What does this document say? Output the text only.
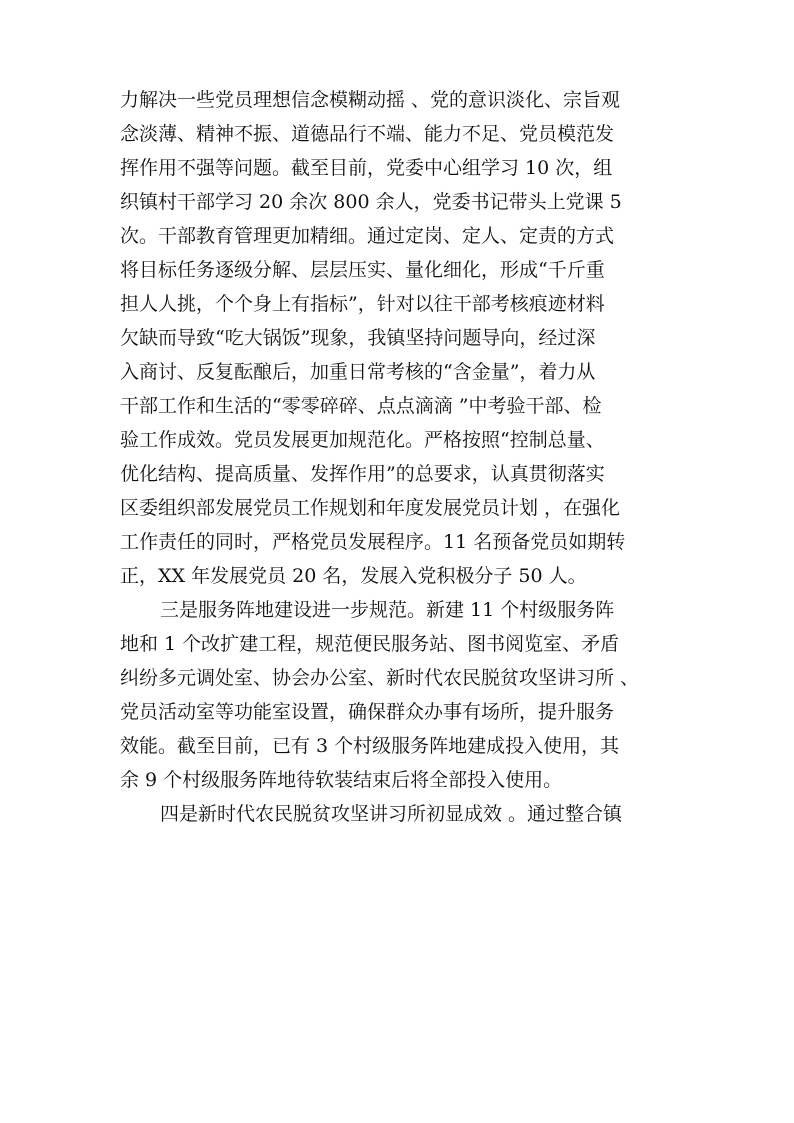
力解决一些党员理想信念模糊动摇 、党的意识淡化、宗旨观
念淡薄、精神不振、道德品行不端、能力不足、党员模范发
挥作用不强等问题。截至目前，党委中心组学习 10 次，组
织镇村干部学习 20 余次 800 余人，党委书记带头上党课 5
次。干部教育管理更加精细。通过定岗、定人、定责的方式
将目标任务逐级分解、层层压实、量化细化，形成“千斤重
担人人挑，个个身上有指标”，针对以往干部考核痕迹材料
欠缺而导致“吃大锅饭”现象，我镇坚持问题导向，经过深
入商讨、反复酝酿后，加重日常考核的“含金量”，着力从
干部工作和生活的“零零碎碎、点点滴滴 ”中考验干部、检
验工作成效。党员发展更加规范化。严格按照“控制总量、
优化结构、提高质量、发挥作用”的总要求，认真贯彻落实
区委组织部发展党员工作规划和年度发展党员计划 ，在强化
工作责任的同时，严格党员发展程序。11 名预备党员如期转
正，XX 年发展党员 20 名，发展入党积极分子 50 人。
三是服务阵地建设进一步规范。新建 11 个村级服务阵
地和 1 个改扩建工程，规范便民服务站、图书阅览室、矛盾
纠纷多元调处室、协会办公室、新时代农民脱贫攻坚讲习所 、
党员活动室等功能室设置，确保群众办事有场所，提升服务
效能。截至目前，已有 3 个村级服务阵地建成投入使用，其
余 9 个村级服务阵地待软装结束后将全部投入使用。
四是新时代农民脱贫攻坚讲习所初显成效 。通过整合镇
